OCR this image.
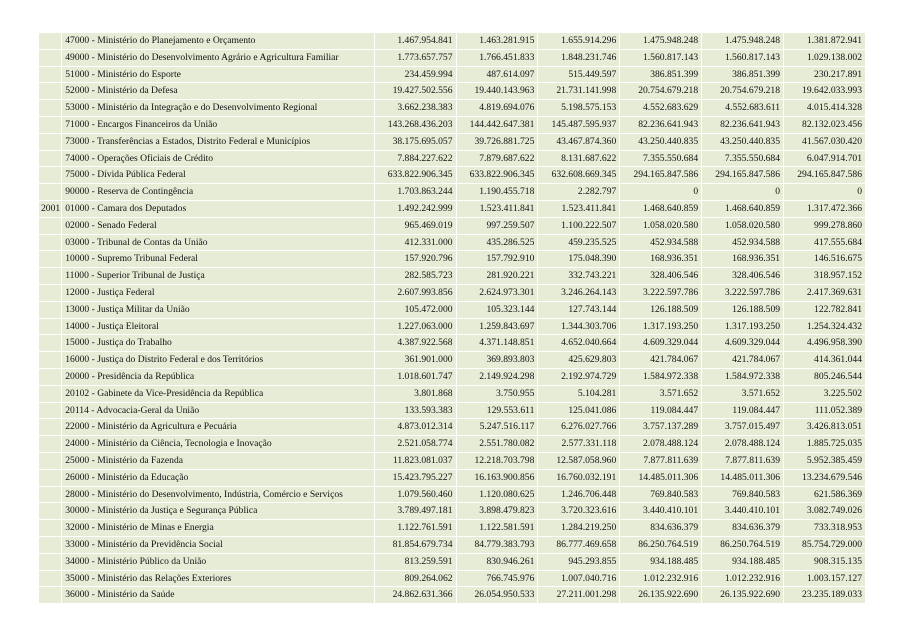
	47000 - Ministério do Planejamento e Orçamento	1.467.954.841	1.463.281.915	1.655.914.296	1.475.948.248	1.475.948.248	1.381.872.941
	49000 - Ministério do Desenvolvimento Agrário e Agricultura Familiar	1.773.657.757	1.766.451.833	1.848.231.746	1.560.817.143	1.560.817.143	1.029.138.002
	51000 - Ministério do Esporte	234.459.994	487.614.097	515.449.597	386.851.399	386.851.399	230.217.891
	52000 - Ministério da Defesa	19.427.502.556	19.440.143.963	21.731.141.998	20.754.679.218	20.754.679.218	19.642.033.993
	53000 - Ministério da Integração e do Desenvolvimento Regional	3.662.238.383	4.819.694.076	5.198.575.153	4.552.683.629	4.552.683.611	4.015.414.328
	71000 - Encargos Financeiros da União	143.268.436.203	144.442.647.381	145.487.595.937	82.236.641.943	82.236.641.943	82.132.023.456
	73000 - Transferências a Estados, Distrito Federal e Municípios	38.175.695.057	39.726.881.725	43.467.874.360	43.250.440.835	43.250.440.835	41.567.030.420
	74000 - Operações Oficiais de Crédito	7.884.227.622	7.879.687.622	8.131.687.622	7.355.550.684	7.355.550.684	6.047.914.701
	75000 - Dívida Pública Federal	633.822.906.345	633.822.906.345	632.608.669.345	294.165.847.586	294.165.847.586	294.165.847.586
	90000 - Reserva de Contingência	1.703.863.244	1.190.455.718	2.282.797	0	0	0
2001	01000 - Camara dos Deputados	1.492.242.999	1.523.411.841	1.523.411.841	1.468.640.859	1.468.640.859	1.317.472.366
	02000 - Senado Federal	965.469.019	997.259.507	1.100.222.507	1.058.020.580	1.058.020.580	999.278.860
	03000 - Tribunal de Contas da União	412.331.000	435.286.525	459.235.525	452.934.588	452.934.588	417.555.684
	10000 - Supremo Tribunal Federal	157.920.796	157.792.910	175.048.390	168.936.351	168.936.351	146.516.675
	11000 - Superior Tribunal de Justiça	282.585.723	281.920.221	332.743.221	328.406.546	328.406.546	318.957.152
	12000 - Justiça Federal	2.607.993.856	2.624.973.301	3.246.264.143	3.222.597.786	3.222.597.786	2.417.369.631
	13000 - Justiça Militar da União	105.472.000	105.323.144	127.743.144	126.188.509	126.188.509	122.782.841
	14000 - Justiça Eleitoral	1.227.063.000	1.259.843.697	1.344.303.706	1.317.193.250	1.317.193.250	1.254.324.432
	15000 - Justiça do Trabalho	4.387.922.568	4.371.148.851	4.652.040.664	4.609.329.044	4.609.329.044	4.496.958.390
	16000 - Justiça do Distrito Federal e dos Territórios	361.901.000	369.893.803	425.629.803	421.784.067	421.784.067	414.361.044
	20000 - Presidência da República	1.018.601.747	2.149.924.298	2.192.974.729	1.584.972.338	1.584.972.338	805.246.544
	20102 - Gabinete da Vice-Presidência da República	3.801.868	3.750.955	5.104.281	3.571.652	3.571.652	3.225.502
	20114 - Advocacia-Geral da União	133.593.383	129.553.611	125.041.086	119.084.447	119.084.447	111.052.389
	22000 - Ministério da Agricultura e Pecuária	4.873.012.314	5.247.516.117	6.276.027.766	3.757.137.289	3.757.015.497	3.426.813.051
	24000 - Ministério da Ciência, Tecnologia e Inovação	2.521.058.774	2.551.780.082	2.577.331.118	2.078.488.124	2.078.488.124	1.885.725.035
	25000 - Ministério da Fazenda	11.823.081.037	12.218.703.798	12.587.058.960	7.877.811.639	7.877.811.639	5.952.385.459
	26000 - Ministério da Educação	15.423.795.227	16.163.900.856	16.760.032.191	14.485.011.306	14.485.011.306	13.234.679.546
	28000 - Ministério do Desenvolvimento, Indústria, Comércio e Serviços	1.079.560.460	1.120.080.625	1.246.706.448	769.840.583	769.840.583	621.586.369
	30000 - Ministério da Justiça e Segurança Pública	3.789.497.181	3.898.479.823	3.720.323.616	3.440.410.101	3.440.410.101	3.082.749.026
	32000 - Ministério de Minas e Energia	1.122.761.591	1.122.581.591	1.284.219.250	834.636.379	834.636.379	733.318.953
	33000 - Ministério da Previdência Social	81.854.679.734	84.779.383.793	86.777.469.658	86.250.764.519	86.250.764.519	85.754.729.000
	34000 - Ministério Público da União	813.259.591	830.946.261	945.293.855	934.188.485	934.188.485	908.315.135
	35000 - Ministério das Relações Exteriores	809.264.062	766.745.976	1.007.040.716	1.012.232.916	1.012.232.916	1.003.157.127
	36000 - Ministério da Saúde	24.862.631.366	26.054.950.533	27.211.001.298	26.135.922.690	26.135.922.690	23.235.189.033
